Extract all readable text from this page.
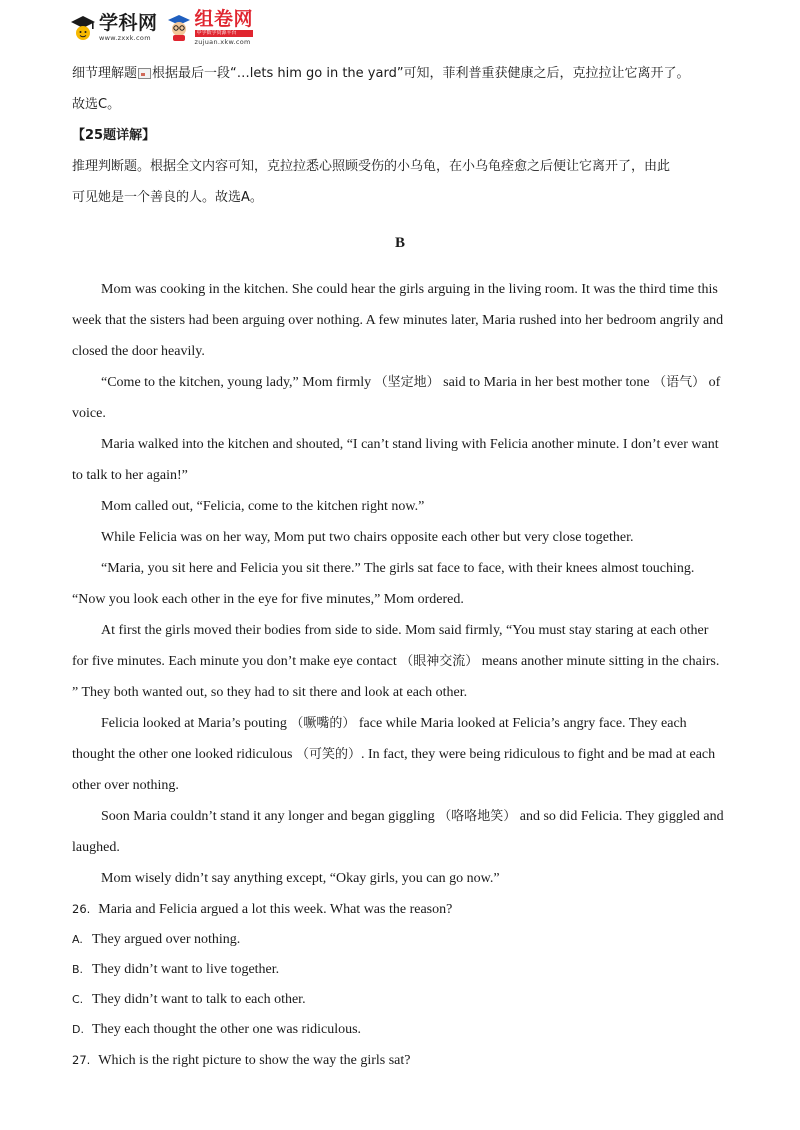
学科网
www.zxxk.com
组卷网
中学数学资源平台
zujuan.xkw.com

细节理解题 根据最后一段“…lets him go in the yard”可知，菲利普重获健康之后，克拉拉让它离开了。

故选C。

【25题详解】

推理判断题。根据全文内容可知，克拉拉悉心照顾受伤的小乌龟，在小乌龟痊愈之后便让它离开了，由此

可见她是一个善良的人。故选A。

B

Mom was cooking in the kitchen. She could hear the girls arguing in the living room. It was the third time this week that the sisters had been arguing over nothing. A few minutes later, Maria rushed into her bedroom angrily and closed the door heavily.

“Come to the kitchen, young lady,” Mom firmly （坚定地） said to Maria in her best mother tone （语气） of voice.

Maria walked into the kitchen and shouted, “I can’t stand living with Felicia another minute. I don’t ever want to talk to her again!”

Mom called out, “Felicia, come to the kitchen right now.”

While Felicia was on her way, Mom put two chairs opposite each other but very close together.

“Maria, you sit here and Felicia you sit there.” The girls sat face to face, with their knees almost touching.

“Now you look each other in the eye for five minutes,” Mom ordered.

At first the girls moved their bodies from side to side. Mom said firmly, “You must stay staring at each other for five minutes. Each minute you don’t make eye contact （眼神交流） means another minute sitting in the chairs. ” They both wanted out, so they had to sit there and look at each other.

Felicia looked at Maria’s pouting （噘嘴的） face while Maria looked at Felicia’s angry face. They each thought the other one looked ridiculous （可笑的）. In fact, they were being ridiculous to fight and be mad at each other over nothing.

Soon Maria couldn’t stand it any longer and began giggling （咯咯地笑） and so did Felicia. They giggled and laughed.

Mom wisely didn’t say anything except, “Okay girls, you can go now.”

26. Maria and Felicia argued a lot this week. What was the reason?

A. They argued over nothing.

B. They didn’t want to live together.

C. They didn’t want to talk to each other.

D. They each thought the other one was ridiculous.

27. Which is the right picture to show the way the girls sat?
